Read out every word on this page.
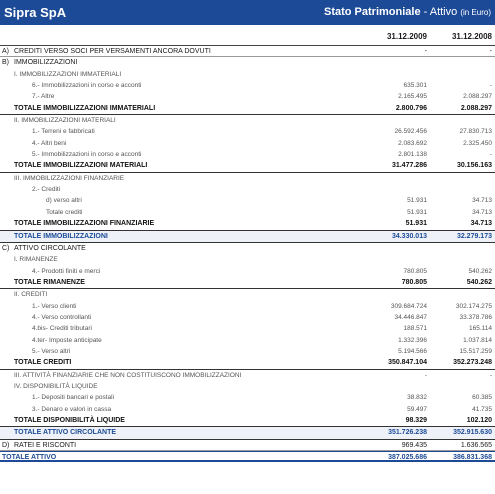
Sipra SpA	Stato Patrimoniale - Attivo (in Euro)
31.12.2009	31.12.2008
A) CREDITI VERSO SOCI PER VERSAMENTI ANCORA DOVUTI	-	-
B) IMMOBILIZZAZIONI
I. IMMOBILIZZAZIONI IMMATERIALI
6.- Immobilizzazioni in corso e acconti	635.301	-
7.- Altre	2.165.495	2.088.297
TOTALE IMMOBILIZZAZIONI IMMATERIALI	2.800.796	2.088.297
II. IMMOBILIZZAZIONI MATERIALI
1.- Terreni e fabbricati	26.592.456	27.830.713
4.- Altri beni	2.083.692	2.325.450
5.- Immobilizzazioni in corso e acconti	2.801.138	-
TOTALE IMMOBILIZZAZIONI MATERIALI	31.477.286	30.156.163
III. IMMOBILIZZAZIONI FINANZIARIE
2.- Crediti
d) verso altri	51.931	34.713
Totale crediti	51.931	34.713
TOTALE IMMOBILIZZAZIONI FINANZIARIE	51.931	34.713
TOTALE IMMOBILIZZAZIONI	34.330.013	32.279.173
C) ATTIVO CIRCOLANTE
I. RIMANENZE
4.- Prodotti finiti e merci	780.805	540.262
TOTALE RIMANENZE	780.805	540.262
II. CREDITI
1.- Verso clienti	309.684.724	302.174.275
4.- Verso controllanti	34.446.847	33.378.786
4.bis- Crediti tributari	188.571	165.114
4.ter- Imposte anticipate	1.332.396	1.037.814
5.- Verso altri	5.194.566	15.517.259
TOTALE CREDITI	350.847.104	352.273.248
III. ATTIVITÀ FINANZIARIE CHE NON COSTITUISCONO IMMOBILIZZAZIONI	-	-
IV. DISPONIBILITÀ LIQUIDE
1.- Depositi bancari e postali	38.832	60.385
3.- Denaro e valori in cassa	59.497	41.735
TOTALE DISPONIBILITÀ LIQUIDE	98.329	102.120
TOTALE ATTIVO CIRCOLANTE	351.726.238	352.915.630
D) RATEI E RISCONTI	969.435	1.636.565
TOTALE ATTIVO	387.025.686	386.831.368
